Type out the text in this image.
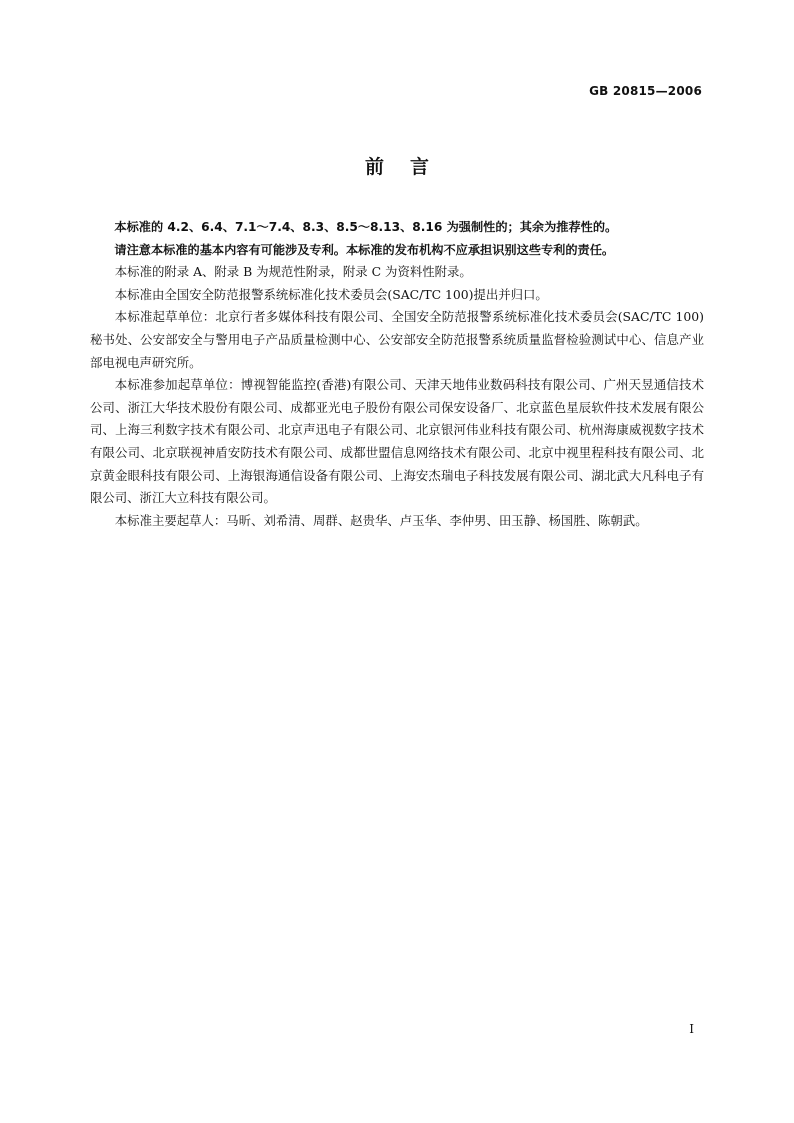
GB 20815—2006
前言

本标准的 4.2、6.4、7.1～7.4、8.3、8.5～8.13、8.16 为强制性的；其余为推荐性的。

请注意本标准的基本内容有可能涉及专利。本标准的发布机构不应承担识别这些专利的责任。

本标准的附录 A、附录 B 为规范性附录，附录 C 为资料性附录。

本标准由全国安全防范报警系统标准化技术委员会(SAC/TC 100)提出并归口。

本标准起草单位：北京行者多媒体科技有限公司、全国安全防范报警系统标准化技术委员会(SAC/TC 100)秘书处、公安部安全与警用电子产品质量检测中心、公安部安全防范报警系统质量监督检验测试中心、信息产业部电视电声研究所。

本标准参加起草单位：博视智能监控(香港)有限公司、天津天地伟业数码科技有限公司、广州天昱通信技术公司、浙江大华技术股份有限公司、成都亚光电子股份有限公司保安设备厂、北京蓝色星辰软件技术发展有限公司、上海三利数字技术有限公司、北京声迅电子有限公司、北京银河伟业科技有限公司、杭州海康威视数字技术有限公司、北京联视神盾安防技术有限公司、成都世盟信息网络技术有限公司、北京中视里程科技有限公司、北京黄金眼科技有限公司、上海银海通信设备有限公司、上海安杰瑞电子科技发展有限公司、湖北武大凡科电子有限公司、浙江大立科技有限公司。

本标准主要起草人：马昕、刘希清、周群、赵贵华、卢玉华、李仲男、田玉静、杨国胜、陈朝武。

I
